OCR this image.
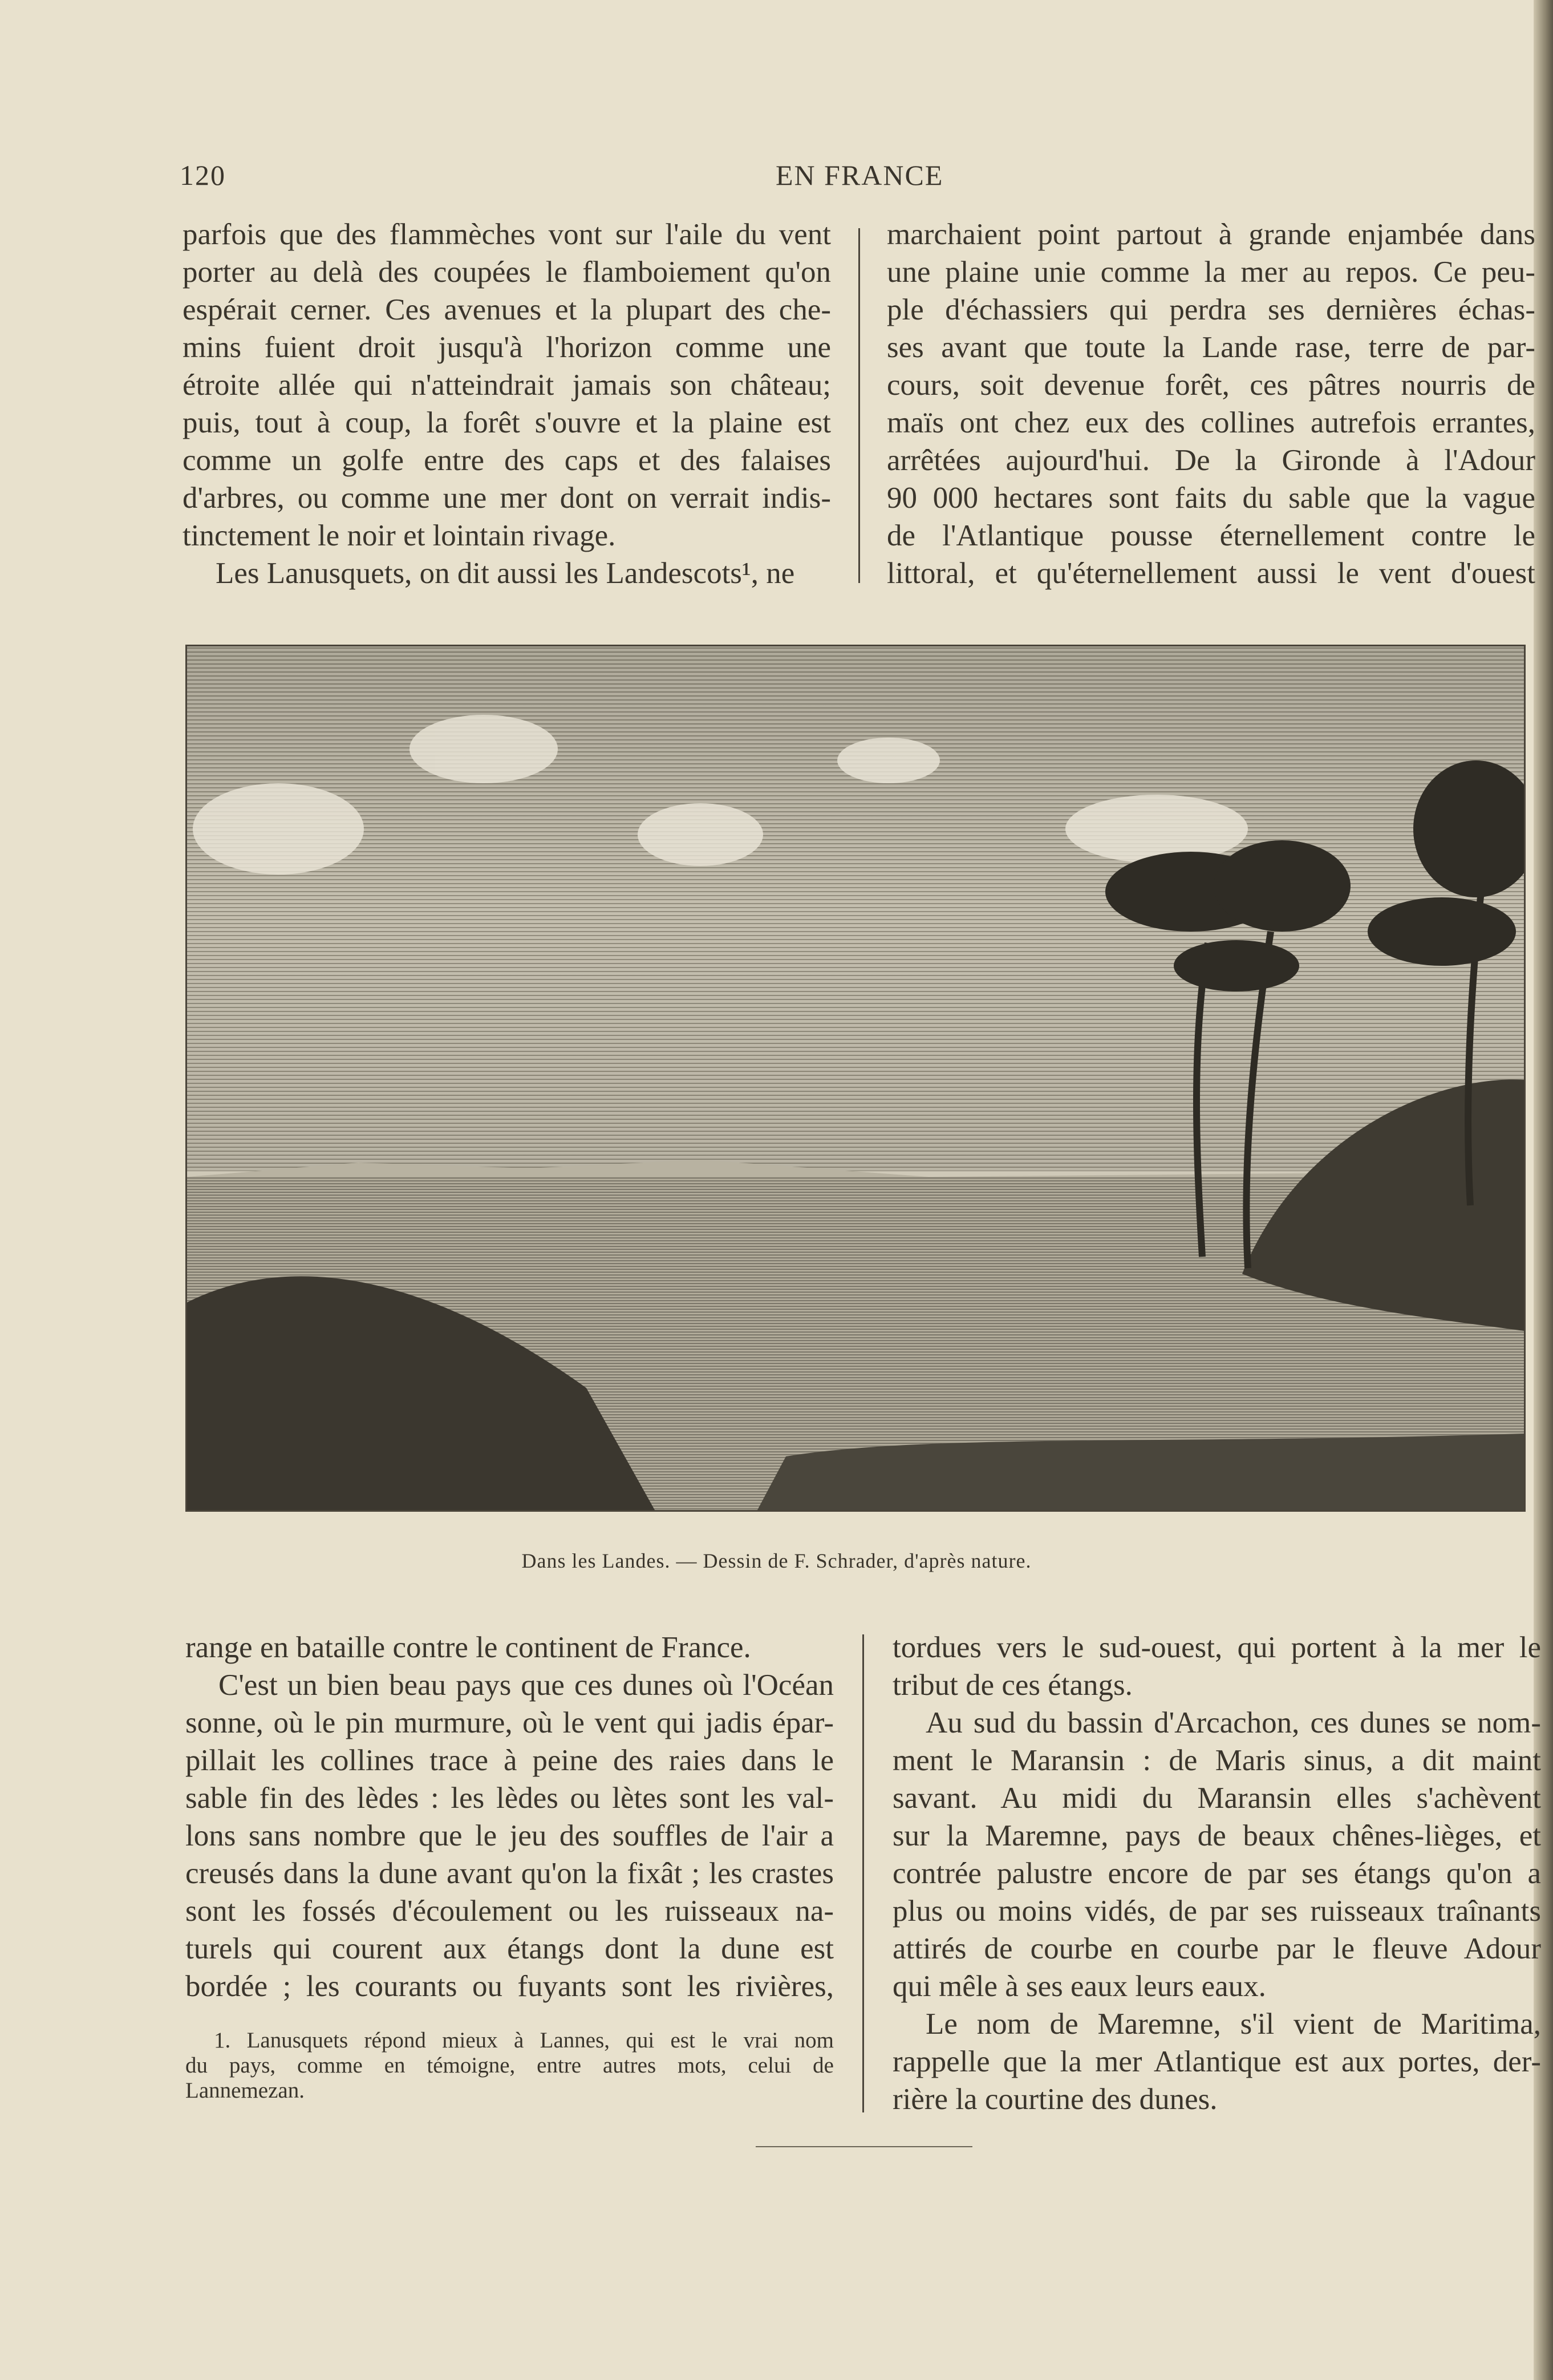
120	EN FRANCE
parfois que des flammèches vont sur l'aile du vent
porter au delà des coupées le flamboiement qu'on
espérait cerner. Ces avenues et la plupart des che-
mins fuient droit jusqu'à l'horizon comme une
étroite allée qui n'atteindrait jamais son château;
puis, tout à coup, la forêt s'ouvre et la plaine est
comme un golfe entre des caps et des falaises
d'arbres, ou comme une mer dont on verrait indis-
tinctement le noir et lointain rivage.
Les Lanusquets, on dit aussi les Landescots¹, ne
marchaient point partout à grande enjambée dans
une plaine unie comme la mer au repos. Ce peu-
ple d'échassiers qui perdra ses dernières échas-
ses avant que toute la Lande rase, terre de par-
cours, soit devenue forêt, ces pâtres nourris de
maïs ont chez eux des collines autrefois errantes,
arrêtées aujourd'hui. De la Gironde à l'Adour
90 000 hectares sont faits du sable que la vague
de l'Atlantique pousse éternellement contre le
littoral, et qu'éternellement aussi le vent d'ouest
Dans les Landes. — Dessin de F. Schrader, d'après nature.
range en bataille contre le continent de France.
C'est un bien beau pays que ces dunes où l'Océan
sonne, où le pin murmure, où le vent qui jadis épar-
pillait les collines trace à peine des raies dans le
sable fin des lèdes : les lèdes ou lètes sont les val-
lons sans nombre que le jeu des souffles de l'air a
creusés dans la dune avant qu'on la fixât ; les crastes
sont les fossés d'écoulement ou les ruisseaux na-
turels qui courent aux étangs dont la dune est
bordée ; les courants ou fuyants sont les rivières,
1. Lanusquets répond mieux à Lannes, qui est le vrai nom
du pays, comme en témoigne, entre autres mots, celui de
Lannemezan.
tordues vers le sud-ouest, qui portent à la mer le
tribut de ces étangs.
Au sud du bassin d'Arcachon, ces dunes se nom-
ment le Maransin : de Maris sinus, a dit maint
savant. Au midi du Maransin elles s'achèvent
sur la Maremne, pays de beaux chênes-lièges, et
contrée palustre encore de par ses étangs qu'on a
plus ou moins vidés, de par ses ruisseaux traînants
attirés de courbe en courbe par le fleuve Adour
qui mêle à ses eaux leurs eaux.
Le nom de Maremne, s'il vient de Maritima,
rappelle que la mer Atlantique est aux portes, der-
rière la courtine des dunes.
